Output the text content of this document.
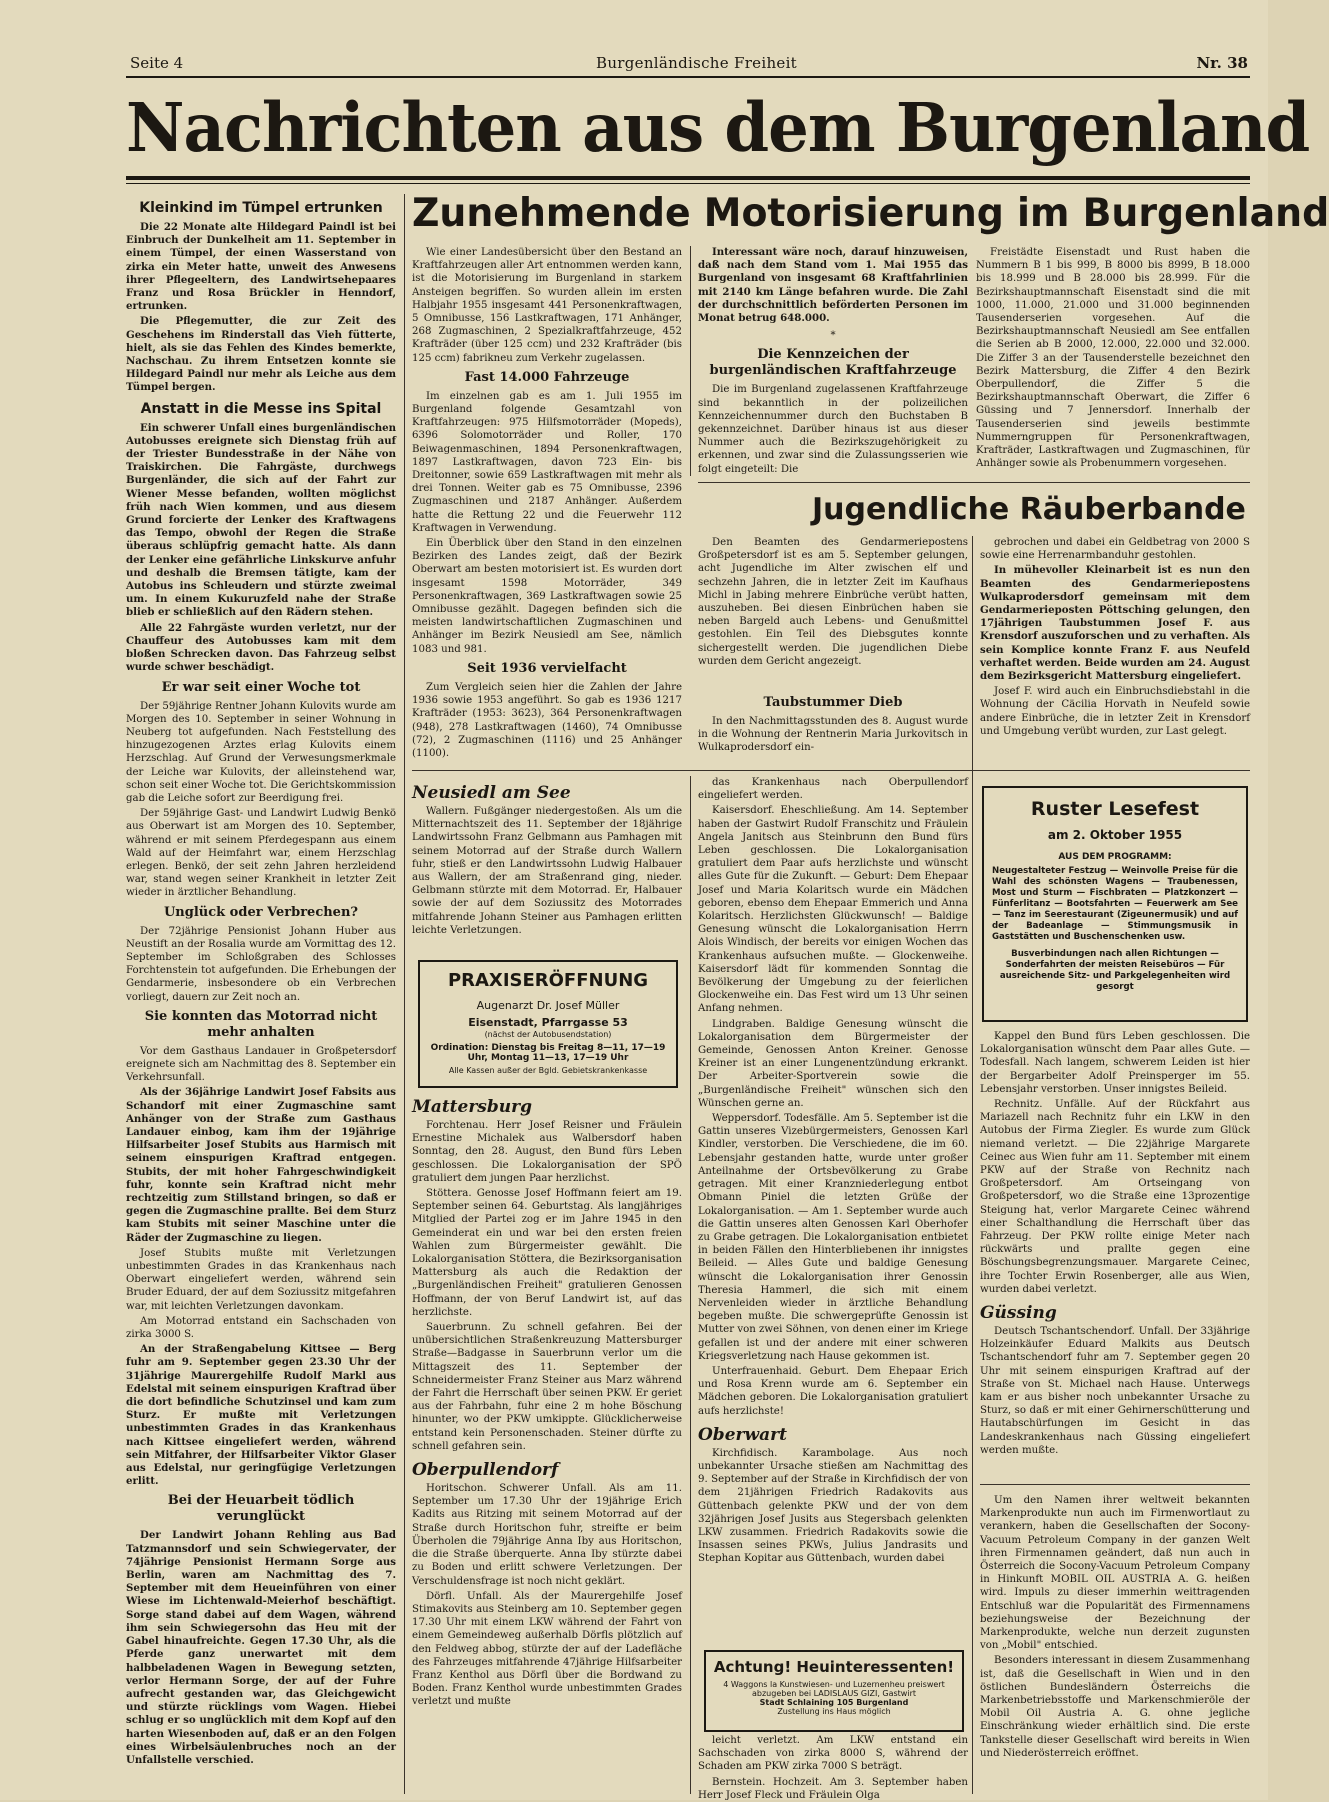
Seite 4	Burgenländische Freiheit	Nr. 38
Nachrichten aus dem Burgenland
Kleinkind im Tümpel ertrunken

Die 22 Monate alte Hildegard Paindl ist bei Einbruch der Dunkelheit am 11. September in einem Tümpel, der einen Wasserstand von zirka ein Meter hatte, unweit des Anwesens ihrer Pflegeeltern, des Landwirtsehepaares Franz und Rosa Brückler in Henndorf, ertrunken.

Die Pflegemutter, die zur Zeit des Geschehens im Rinderstall das Vieh fütterte, hielt, als sie das Fehlen des Kindes bemerkte, Nachschau. Zu ihrem Entsetzen konnte sie Hildegard Paindl nur mehr als Leiche aus dem Tümpel bergen.

Anstatt in die Messe ins Spital

Ein schwerer Unfall eines burgenländischen Autobusses ereignete sich Dienstag früh auf der Triester Bundesstraße in der Nähe von Traiskirchen. Die Fahrgäste, durchwegs Burgenländer, die sich auf der Fahrt zur Wiener Messe befanden, wollten möglichst früh nach Wien kommen, und aus diesem Grund forcierte der Lenker des Kraftwagens das Tempo, obwohl der Regen die Straße überaus schlüpfrig gemacht hatte. Als dann der Lenker eine gefährliche Linkskurve anfuhr und deshalb die Bremsen tätigte, kam der Autobus ins Schleudern und stürzte zweimal um. In einem Kukuruzfeld nahe der Straße blieb er schließlich auf den Rädern stehen.

Alle 22 Fahrgäste wurden verletzt, nur der Chauffeur des Autobusses kam mit dem bloßen Schrecken davon. Das Fahrzeug selbst wurde schwer beschädigt.

Er war seit einer Woche tot

Der 59jährige Rentner Johann Kulovits wurde am Morgen des 10. September in seiner Wohnung in Neuberg tot aufgefunden. Nach Feststellung des hinzugezogenen Arztes erlag Kulovits einem Herzschlag. Auf Grund der Verwesungsmerkmale der Leiche war Kulovits, der alleinstehend war, schon seit einer Woche tot. Die Gerichtskommission gab die Leiche sofort zur Beerdigung frei.

Der 59jährige Gast- und Landwirt Ludwig Benkö aus Oberwart ist am Morgen des 10. September, während er mit seinem Pferdegespann aus einem Wald auf der Heimfahrt war, einem Herzschlag erlegen. Benkö, der seit zehn Jahren herzleidend war, stand wegen seiner Krankheit in letzter Zeit wieder in ärztlicher Behandlung.

Unglück oder Verbrechen?

Der 72jährige Pensionist Johann Huber aus Neustift an der Rosalia wurde am Vormittag des 12. September im Schloßgraben des Schlosses Forchtenstein tot aufgefunden. Die Erhebungen der Gendarmerie, insbesondere ob ein Verbrechen vorliegt, dauern zur Zeit noch an.

Sie konnten das Motorrad nicht mehr anhalten

Vor dem Gasthaus Landauer in Großpetersdorf ereignete sich am Nachmittag des 8. September ein Verkehrsunfall.

Als der 36jährige Landwirt Josef Fabsits aus Schandorf mit einer Zugmaschine samt Anhänger von der Straße zum Gasthaus Landauer einbog, kam ihm der 19jährige Hilfsarbeiter Josef Stubits aus Harmisch mit seinem einspurigen Kraftrad entgegen. Stubits, der mit hoher Fahrgeschwindigkeit fuhr, konnte sein Kraftrad nicht mehr rechtzeitig zum Stillstand bringen, so daß er gegen die Zugmaschine prallte. Bei dem Sturz kam Stubits mit seiner Maschine unter die Räder der Zugmaschine zu liegen.

Josef Stubits mußte mit Verletzungen unbestimmten Grades in das Krankenhaus nach Oberwart eingeliefert werden, während sein Bruder Eduard, der auf dem Soziussitz mitgefahren war, mit leichten Verletzungen davonkam.

Am Motorrad entstand ein Sachschaden von zirka 3000 S.

An der Straßengabelung Kittsee — Berg fuhr am 9. September gegen 23.30 Uhr der 31jährige Maurergehilfe Rudolf Markl aus Edelstal mit seinem einspurigen Kraftrad über die dort befindliche Schutzinsel und kam zum Sturz. Er mußte mit Verletzungen unbestimmten Grades in das Krankenhaus nach Kittsee eingeliefert werden, während sein Mitfahrer, der Hilfsarbeiter Viktor Glaser aus Edelstal, nur geringfügige Verletzungen erlitt.

Bei der Heuarbeit tödlich verunglückt

Der Landwirt Johann Rehling aus Bad Tatzmannsdorf und sein Schwiegervater, der 74jährige Pensionist Hermann Sorge aus Berlin, waren am Nachmittag des 7. September mit dem Heueinführen von einer Wiese im Lichtenwald-Meierhof beschäftigt. Sorge stand dabei auf dem Wagen, während ihm sein Schwiegersohn das Heu mit der Gabel hinaufreichte. Gegen 17.30 Uhr, als die Pferde ganz unerwartet mit dem halbbeladenen Wagen in Bewegung setzten, verlor Hermann Sorge, der auf der Fuhre aufrecht gestanden war, das Gleichgewicht und stürzte rücklings vom Wagen. Hiebei schlug er so unglücklich mit dem Kopf auf den harten Wiesenboden auf, daß er an den Folgen eines Wirbelsäulenbruches noch an der Unfallstelle verschied.

Zunehmende Motorisierung im Burgenland

Wie einer Landesübersicht über den Bestand an Kraftfahrzeugen aller Art entnommen werden kann, ist die Motorisierung im Burgenland in starkem Ansteigen begriffen. So wurden allein im ersten Halbjahr 1955 insgesamt 441 Personenkraftwagen, 5 Omnibusse, 156 Lastkraftwagen, 171 Anhänger, 268 Zugmaschinen, 2 Spezialkraftfahrzeuge, 452 Krafträder (über 125 ccm) und 232 Krafträder (bis 125 ccm) fabrikneu zum Verkehr zugelassen.

Fast 14.000 Fahrzeuge

Im einzelnen gab es am 1. Juli 1955 im Burgenland folgende Gesamtzahl von Kraftfahrzeugen: 975 Hilfsmotorräder (Mopeds), 6396 Solomotorräder und Roller, 170 Beiwagenmaschinen, 1894 Personenkraftwagen, 1897 Lastkraftwagen, davon 723 Ein- bis Dreitonner, sowie 659 Lastkraftwagen mit mehr als drei Tonnen. Weiter gab es 75 Omnibusse, 2396 Zugmaschinen und 2187 Anhänger. Außerdem hatte die Rettung 22 und die Feuerwehr 112 Kraftwagen in Verwendung.

Ein Überblick über den Stand in den einzelnen Bezirken des Landes zeigt, daß der Bezirk Oberwart am besten motorisiert ist. Es wurden dort insgesamt 1598 Motorräder, 349 Personenkraftwagen, 369 Lastkraftwagen sowie 25 Omnibusse gezählt. Dagegen befinden sich die meisten landwirtschaftlichen Zugmaschinen und Anhänger im Bezirk Neusiedl am See, nämlich 1083 und 981.

Seit 1936 vervielfacht

Zum Vergleich seien hier die Zahlen der Jahre 1936 sowie 1953 angeführt. So gab es 1936 1217 Krafträder (1953: 3623), 364 Personenkraftwagen (948), 278 Lastkraftwagen (1460), 74 Omnibusse (72), 2 Zugmaschinen (1116) und 25 Anhänger (1100).

Interessant wäre noch, darauf hinzuweisen, daß nach dem Stand vom 1. Mai 1955 das Burgenland von insgesamt 68 Kraftfahrlinien mit 2140 km Länge befahren wurde. Die Zahl der durchschnittlich beförderten Personen im Monat betrug 648.000.

*
Die Kennzeichen der burgenländischen Kraftfahrzeuge

Die im Burgenland zugelassenen Kraftfahrzeuge sind bekanntlich in der polizeilichen Kennzeichennummer durch den Buchstaben B gekennzeichnet. Darüber hinaus ist aus dieser Nummer auch die Bezirkszugehörigkeit zu erkennen, und zwar sind die Zulassungsserien wie folgt eingeteilt: Die

Freistädte Eisenstadt und Rust haben die Nummern B 1 bis 999, B 8000 bis 8999, B 18.000 bis 18.999 und B 28.000 bis 28.999. Für die Bezirkshauptmannschaft Eisenstadt sind die mit 1000, 11.000, 21.000 und 31.000 beginnenden Tausenderserien vorgesehen. Auf die Bezirkshauptmannschaft Neusiedl am See entfallen die Serien ab B 2000, 12.000, 22.000 und 32.000. Die Ziffer 3 an der Tausenderstelle bezeichnet den Bezirk Mattersburg, die Ziffer 4 den Bezirk Oberpullendorf, die Ziffer 5 die Bezirkshauptmannschaft Oberwart, die Ziffer 6 Güssing und 7 Jennersdorf. Innerhalb der Tausenderserien sind jeweils bestimmte Nummerngruppen für Personenkraftwagen, Krafträder, Lastkraftwagen und Zugmaschinen, für Anhänger sowie als Probenummern vorgesehen.

Jugendliche Räuberbande

Den Beamten des Gendarmeriepostens Großpetersdorf ist es am 5. September gelungen, acht Jugendliche im Alter zwischen elf und sechzehn Jahren, die in letzter Zeit im Kaufhaus Michl in Jabing mehrere Einbrüche verübt hatten, auszuheben. Bei diesen Einbrüchen haben sie neben Bargeld auch Lebens- und Genußmittel gestohlen. Ein Teil des Diebsgutes konnte sichergestellt werden. Die jugendlichen Diebe wurden dem Gericht angezeigt.

Taubstummer Dieb

In den Nachmittagsstunden des 8. August wurde in die Wohnung der Rentnerin Maria Jurkovitsch in Wulkaprodersdorf ein-

gebrochen und dabei ein Geldbetrag von 2000 S sowie eine Herrenarmbanduhr gestohlen.

In mühevoller Kleinarbeit ist es nun den Beamten des Gendarmeriepostens Wulkaprodersdorf gemeinsam mit dem Gendarmerieposten Pöttsching gelungen, den 17jährigen Taubstummen Josef F. aus Krensdorf auszuforschen und zu verhaften. Als sein Komplice konnte Franz F. aus Neufeld verhaftet werden. Beide wurden am 24. August dem Bezirksgericht Mattersburg eingeliefert.

Josef F. wird auch ein Einbruchsdiebstahl in die Wohnung der Cäcilia Horvath in Neufeld sowie andere Einbrüche, die in letzter Zeit in Krensdorf und Umgebung verübt wurden, zur Last gelegt.

Neusiedl am See

Wallern. Fußgänger niedergestoßen. Als um die Mitternachtszeit des 11. September der 18jährige Landwirtssohn Franz Gelbmann aus Pamhagen mit seinem Motorrad auf der Straße durch Wallern fuhr, stieß er den Landwirtssohn Ludwig Halbauer aus Wallern, der am Straßenrand ging, nieder. Gelbmann stürzte mit dem Motorrad. Er, Halbauer sowie der auf dem Soziussitz des Motorrades mitfahrende Johann Steiner aus Pamhagen erlitten leichte Verletzungen.

PRAXISERÖFFNUNG
Augenarzt Dr. Josef Müller
Eisenstadt, Pfarrgasse 53
(nächst der Autobusendstation)
Ordination: Dienstag bis Freitag 8—11, 17—19 Uhr, Montag 11—13, 17—19 Uhr
Alle Kassen außer der Bgld. Gebietskrankenkasse
Mattersburg

Forchtenau. Herr Josef Reisner und Fräulein Ernestine Michalek aus Walbersdorf haben Sonntag, den 28. August, den Bund fürs Leben geschlossen. Die Lokalorganisation der SPÖ gratuliert dem jungen Paar herzlichst.

Stöttera. Genosse Josef Hoffmann feiert am 19. September seinen 64. Geburtstag. Als langjähriges Mitglied der Partei zog er im Jahre 1945 in den Gemeinderat ein und war bei den ersten freien Wahlen zum Bürgermeister gewählt. Die Lokalorganisation Stöttera, die Bezirksorganisation Mattersburg als auch die Redaktion der „Burgenländischen Freiheit" gratulieren Genossen Hoffmann, der von Beruf Landwirt ist, auf das herzlichste.

Sauerbrunn. Zu schnell gefahren. Bei der unübersichtlichen Straßenkreuzung Mattersburger Straße—Badgasse in Sauerbrunn verlor um die Mittagszeit des 11. September der Schneidermeister Franz Steiner aus Marz während der Fahrt die Herrschaft über seinen PKW. Er geriet aus der Fahrbahn, fuhr eine 2 m hohe Böschung hinunter, wo der PKW umkippte. Glücklicherweise entstand kein Personenschaden. Steiner dürfte zu schnell gefahren sein.

Oberpullendorf

Horitschon. Schwerer Unfall. Als am 11. September um 17.30 Uhr der 19jährige Erich Kadits aus Ritzing mit seinem Motorrad auf der Straße durch Horitschon fuhr, streifte er beim Überholen die 79jährige Anna Iby aus Horitschon, die die Straße überquerte. Anna Iby stürzte dabei zu Boden und erlitt schwere Verletzungen. Der Verschuldensfrage ist noch nicht geklärt.

Dörfl. Unfall. Als der Maurergehilfe Josef Stimakovits aus Steinberg am 10. September gegen 17.30 Uhr mit einem LKW während der Fahrt von einem Gemeindeweg außerhalb Dörfls plötzlich auf den Feldweg abbog, stürzte der auf der Ladefläche des Fahrzeuges mitfahrende 47jährige Hilfsarbeiter Franz Kenthol aus Dörfl über die Bordwand zu Boden. Franz Kenthol wurde unbestimmten Grades verletzt und mußte

das Krankenhaus nach Oberpullendorf eingeliefert werden.

Kaisersdorf. Eheschließung. Am 14. September haben der Gastwirt Rudolf Franschitz und Fräulein Angela Janitsch aus Steinbrunn den Bund fürs Leben geschlossen. Die Lokalorganisation gratuliert dem Paar aufs herzlichste und wünscht alles Gute für die Zukunft. — Geburt: Dem Ehepaar Josef und Maria Kolaritsch wurde ein Mädchen geboren, ebenso dem Ehepaar Emmerich und Anna Kolaritsch. Herzlichsten Glückwunsch! — Baldige Genesung wünscht die Lokalorganisation Herrn Alois Windisch, der bereits vor einigen Wochen das Krankenhaus aufsuchen mußte. — Glockenweihe. Kaisersdorf lädt für kommenden Sonntag die Bevölkerung der Umgebung zu der feierlichen Glockenweihe ein. Das Fest wird um 13 Uhr seinen Anfang nehmen.

Lindgraben. Baldige Genesung wünscht die Lokalorganisation dem Bürgermeister der Gemeinde, Genossen Anton Kreiner. Genosse Kreiner ist an einer Lungenentzündung erkrankt. Der Arbeiter-Sportverein sowie die „Burgenländische Freiheit" wünschen sich den Wünschen gerne an.

Weppersdorf. Todesfälle. Am 5. September ist die Gattin unseres Vizebürgermeisters, Genossen Karl Kindler, verstorben. Die Verschiedene, die im 60. Lebensjahr gestanden hatte, wurde unter großer Anteilnahme der Ortsbevölkerung zu Grabe getragen. Mit einer Kranzniederlegung entbot Obmann Piniel die letzten Grüße der Lokalorganisation. — Am 1. September wurde auch die Gattin unseres alten Genossen Karl Oberhofer zu Grabe getragen. Die Lokalorganisation entbietet in beiden Fällen den Hinterbliebenen ihr innigstes Beileid. — Alles Gute und baldige Genesung wünscht die Lokalorganisation ihrer Genossin Theresia Hammerl, die sich mit einem Nervenleiden wieder in ärztliche Behandlung begeben mußte. Die schwergeprüfte Genossin ist Mutter von zwei Söhnen, von denen einer im Kriege gefallen ist und der andere mit einer schweren Kriegsverletzung nach Hause gekommen ist.

Unterfrauenhaid. Geburt. Dem Ehepaar Erich und Rosa Krenn wurde am 6. September ein Mädchen geboren. Die Lokalorganisation gratuliert aufs herzlichste!

Oberwart

Kirchfidisch. Karambolage. Aus noch unbekannter Ursache stießen am Nachmittag des 9. September auf der Straße in Kirchfidisch der von dem 21jährigen Friedrich Radakovits aus Güttenbach gelenkte PKW und der von dem 32jährigen Josef Jusits aus Stegersbach gelenkten LKW zusammen. Friedrich Radakovits sowie die Insassen seines PKWs, Julius Jandrasits und Stephan Kopitar aus Güttenbach, wurden dabei

Achtung! Heuinteressenten!
4 Waggons la Kunstwiesen- und Luzernenheu preiswert abzugeben bei LADISLAUS GIZI, Gastwirt
Stadt Schlaining 105 Burgenland
Zustellung ins Haus möglich

leicht verletzt. Am LKW entstand ein Sachschaden von zirka 8000 S, während der Schaden am PKW zirka 7000 S beträgt.

Bernstein. Hochzeit. Am 3. September haben Herr Josef Fleck und Fräulein Olga

Ruster Lesefest
am 2. Oktober 1955
AUS DEM PROGRAMM:
Neugestalteter Festzug — Weinvolle Preise für die Wahl des schönsten Wagens — Traubenessen, Most und Sturm — Fischbraten — Platzkonzert — Fünferlitanz — Bootsfahrten — Feuerwerk am See — Tanz im Seerestaurant (Zigeunermusik) und auf der Badeanlage — Stimmungsmusik in Gaststätten und Buschenschenken usw.
Busverbindungen nach allen Richtungen — Sonderfahrten der meisten Reisebüros — Für ausreichende Sitz- und Parkgelegenheiten wird gesorgt

Kappel den Bund fürs Leben geschlossen. Die Lokalorganisation wünscht dem Paar alles Gute. — Todesfall. Nach langem, schwerem Leiden ist hier der Bergarbeiter Adolf Preinsperger im 55. Lebensjahr verstorben. Unser innigstes Beileid.

Rechnitz. Unfälle. Auf der Rückfahrt aus Mariazell nach Rechnitz fuhr ein LKW in den Autobus der Firma Ziegler. Es wurde zum Glück niemand verletzt. — Die 22jährige Margarete Ceinec aus Wien fuhr am 11. September mit einem PKW auf der Straße von Rechnitz nach Großpetersdorf. Am Ortseingang von Großpetersdorf, wo die Straße eine 13prozentige Steigung hat, verlor Margarete Ceinec während einer Schalthandlung die Herrschaft über das Fahrzeug. Der PKW rollte einige Meter nach rückwärts und prallte gegen eine Böschungsbegrenzungsmauer. Margarete Ceinec, ihre Tochter Erwin Rosenberger, alle aus Wien, wurden dabei verletzt.

Güssing

Deutsch Tschantschendorf. Unfall. Der 33jährige Holzeinkäufer Eduard Malkits aus Deutsch Tschantschendorf fuhr am 7. September gegen 20 Uhr mit seinem einspurigen Kraftrad auf der Straße von St. Michael nach Hause. Unterwegs kam er aus bisher noch unbekannter Ursache zu Sturz, so daß er mit einer Gehirnerschütterung und Hautabschürfungen im Gesicht in das Landeskrankenhaus nach Güssing eingeliefert werden mußte.

Um den Namen ihrer weltweit bekannten Markenprodukte nun auch im Firmenwortlaut zu verankern, haben die Gesellschaften der Socony-Vacuum Petroleum Company in der ganzen Welt ihren Firmennamen geändert, daß nun auch in Österreich die Socony-Vacuum Petroleum Company in Hinkunft MOBIL OIL AUSTRIA A. G. heißen wird. Impuls zu dieser immerhin weittragenden Entschluß war die Popularität des Firmennamens beziehungsweise der Bezeichnung der Markenprodukte, welche nun derzeit zugunsten von „Mobil" entschied.

Besonders interessant in diesem Zusammenhang ist, daß die Gesellschaft in Wien und in den östlichen Bundesländern Österreichs die Markenbetriebsstoffe und Markenschmieröle der Mobil Oil Austria A. G. ohne jegliche Einschränkung wieder erhältlich sind. Die erste Tankstelle dieser Gesellschaft wird bereits in Wien und Niederösterreich eröffnet.
